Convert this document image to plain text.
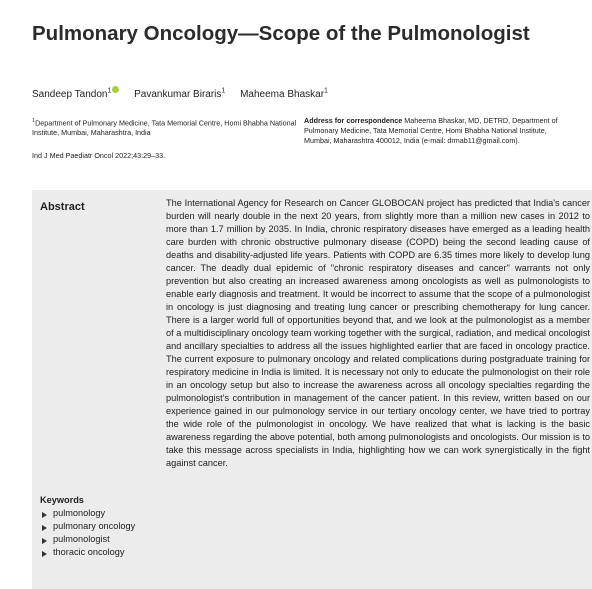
Pulmonary Oncology—Scope of the Pulmonologist
Sandeep Tandon$^1$ Pavankumar Biraris$^1$ Maheema Bhaskar$^1$
$^1$Department of Pulmonary Medicine, Tata Memorial Centre, Homi Bhabha National Institute, Mumbai, Maharashtra, India
Address for correspondence Maheema Bhaskar, MD, DETRD, Department of Pulmonary Medicine, Tata Memorial Centre, Homi Bhabha National Institute, Mumbai, Maharashtra 400012, India (e-mail: drmab11@gmail.com).
Ind J Med Paediatr Oncol 2022;43:29–33.
Abstract	The International Agency for Research on Cancer GLOBOCAN project has predicted that India's cancer burden will nearly double in the next 20 years, from slightly more than a million new cases in 2012 to more than 1.7 million by 2035. In India, chronic respiratory diseases have emerged as a leading health care burden with chronic obstructive pulmonary disease (COPD) being the second leading cause of deaths and disability-adjusted life years. Patients with COPD are 6.35 times more likely to develop lung cancer. The deadly dual epidemic of "chronic respiratory diseases and cancer" warrants not only prevention but also creating an increased awareness among oncologists as well as pulmonologists to enable early diagnosis and treatment. It would be incorrect to assume that the scope of a pulmonologist in oncology is just diagnosing and treating lung cancer or prescribing chemotherapy for lung cancer. There is a larger world full of opportunities beyond that, and we look at the pulmonologist as a member of a multidisciplinary oncology team working together with the surgical, radiation, and medical oncologist and ancillary specialties to address all the issues highlighted earlier that are faced in oncology practice. The current exposure to pulmonary oncology and related complications during postgraduate training for respiratory medicine in India is limited. It is necessary not only to educate the pulmonologist on their role in an oncology setup but also to increase the awareness across all oncology specialties regarding the pulmonologist's contribution in management of the cancer patient. In this review, written based on our experience gained in our pulmonology service in our tertiary oncology center, we have tried to portray the wide role of the pulmonologist in oncology. We have realized that what is lacking is the basic awareness regarding the above potential, both among pulmonologists and oncologists. Our mission is to take this message across specialists in India, highlighting how we can work synergistically in the fight against cancer.
Keywords
pulmonology
pulmonary oncology
pulmonologist
thoracic oncology
